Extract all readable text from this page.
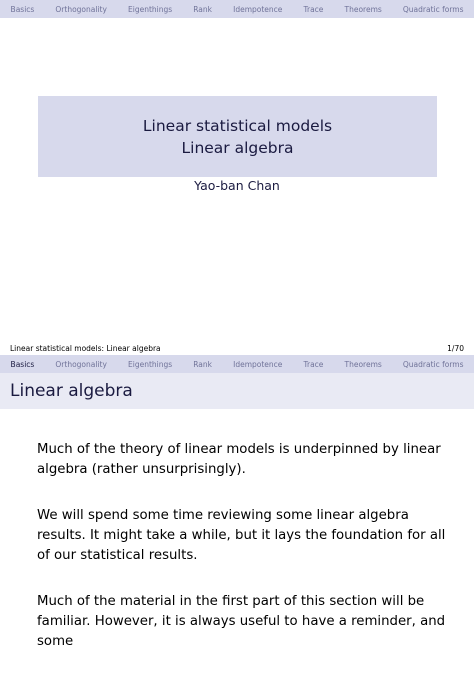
Basics	Orthogonality	Eigenthings	Rank	Idempotence	Trace	Theorems	Quadratic forms
Linear statistical models
Linear algebra
Yao-ban Chan
Linear statistical models: Linear algebra	1/70
Basics	Orthogonality	Eigenthings	Rank	Idempotence	Trace	Theorems	Quadratic forms
Linear algebra

Much of the theory of linear models is underpinned by linear algebra (rather unsurprisingly).

We will spend some time reviewing some linear algebra results. It might take a while, but it lays the foundation for all of our statistical results.

Much of the material in the first part of this section will be familiar. However, it is always useful to have a reminder, and some
